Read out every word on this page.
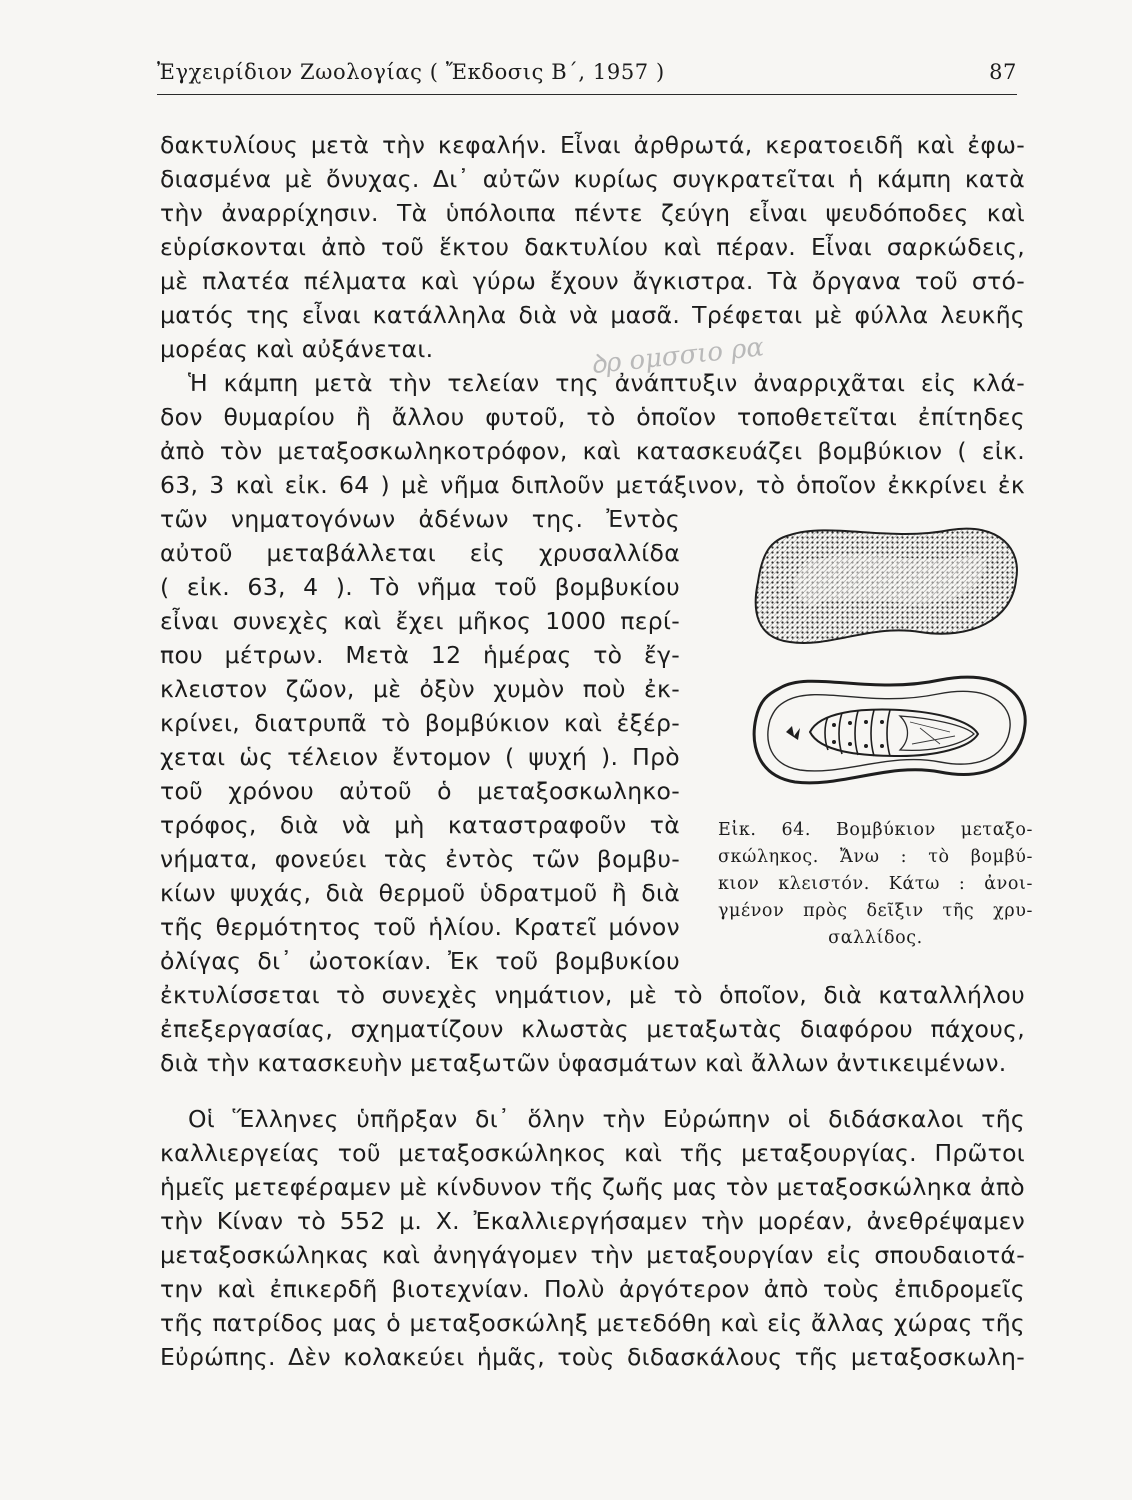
Ἐγχειρίδιον Ζωολογίας ( Ἔκδοσις Β΄, 1957 )	87
ꝺρ ομσσιο ρα
δακτυλίους μετὰ τὴν κεφαλήν. Εἶναι ἀρθρωτά, κερατοειδῆ καὶ ἐφω-
διασμένα μὲ ὄνυχας. Δι᾽ αὐτῶν κυρίως συγκρατεῖται ἡ κάμπη κατὰ
τὴν ἀναρρίχησιν. Τὰ ὑπόλοιπα πέντε ζεύγη εἶναι ψευδόποδες καὶ
εὑρίσκονται ἀπὸ τοῦ ἕκτου δακτυλίου καὶ πέραν. Εἶναι σαρκώδεις,
μὲ πλατέα πέλματα καὶ γύρω ἔχουν ἄγκιστρα. Τὰ ὄργανα τοῦ στό-
ματός της εἶναι κατάλληλα διὰ νὰ μασᾶ. Τρέφεται μὲ φύλλα λευκῆς
μορέας καὶ αὐξάνεται.
Ἡ κάμπη μετὰ τὴν τελείαν της ἀνάπτυξιν ἀναρριχᾶται εἰς κλά-
δον θυμαρίου ἢ ἄλλου φυτοῦ, τὸ ὁποῖον τοποθετεῖται ἐπίτηδες
ἀπὸ τὸν μεταξοσκωληκοτρόφον, καὶ κατασκευάζει βομβύκιον ( εἰκ.
63, 3 καὶ εἰκ. 64 ) μὲ νῆμα διπλοῦν μετάξινον, τὸ ὁποῖον ἐκκρίνει ἐκ
τῶν νηματογόνων ἀδένων της. Ἐντὸς
αὐτοῦ μεταβάλλεται εἰς χρυσαλλίδα
( εἰκ. 63, 4 ). Τὸ νῆμα τοῦ βομβυκίου
εἶναι συνεχὲς καὶ ἔχει μῆκος 1000 περί-
που μέτρων. Μετὰ 12 ἡμέρας τὸ ἔγ-
κλειστον ζῶον, μὲ ὀξὺν χυμὸν ποὺ ἐκ-
κρίνει, διατρυπᾶ τὸ βομβύκιον καὶ ἐξέρ-
χεται ὡς τέλειον ἔντομον ( ψυχή ). Πρὸ
τοῦ χρόνου αὐτοῦ ὁ μεταξοσκωληκο-
τρόφος, διὰ νὰ μὴ καταστραφοῦν τὰ
νήματα, φονεύει τὰς ἐντὸς τῶν βομβυ-
κίων ψυχάς, διὰ θερμοῦ ὑδρατμοῦ ἢ διὰ
τῆς θερμότητος τοῦ ἡλίου. Κρατεῖ μόνον
ὀλίγας δι᾽ ὠοτοκίαν. Ἐκ τοῦ βομβυκίου
ἐκτυλίσσεται τὸ συνεχὲς νημάτιον, μὲ τὸ ὁποῖον, διὰ καταλλήλου
ἐπεξεργασίας, σχηματίζουν κλωστὰς μεταξωτὰς διαφόρου πάχους,
διὰ τὴν κατασκευὴν μεταξωτῶν ὑφασμάτων καὶ ἄλλων ἀντικειμένων.
Οἱ Ἕλληνες ὑπῆρξαν δι᾽ ὅλην τὴν Εὐρώπην οἱ διδάσκαλοι τῆς
καλλιεργείας τοῦ μεταξοσκώληκος καὶ τῆς μεταξουργίας. Πρῶτοι
ἡμεῖς μετεφέραμεν μὲ κίνδυνον τῆς ζωῆς μας τὸν μεταξοσκώληκα ἀπὸ
τὴν Κίναν τὸ 552 μ. Χ. Ἐκαλλιεργήσαμεν τὴν μορέαν, ἀνεθρέψαμεν
μεταξοσκώληκας καὶ ἀνηγάγομεν τὴν μεταξουργίαν εἰς σπουδαιοτά-
την καὶ ἐπικερδῆ βιοτεχνίαν. Πολὺ ἀργότερον ἀπὸ τοὺς ἐπιδρομεῖς
τῆς πατρίδος μας ὁ μεταξοσκώληξ μετεδόθη καὶ εἰς ἄλλας χώρας τῆς
Εὐρώπης. Δὲν κολακεύει ἡμᾶς, τοὺς διδασκάλους τῆς μεταξοσκωλη-
Εἰκ. 64. Βομβύκιον μεταξο-
σκώληκος. Ἄνω : τὸ βομβύ-
κιον κλειστόν. Κάτω : ἀνοι-
γμένον πρὸς δεῖξιν τῆς χρυ-
σαλλίδος.
